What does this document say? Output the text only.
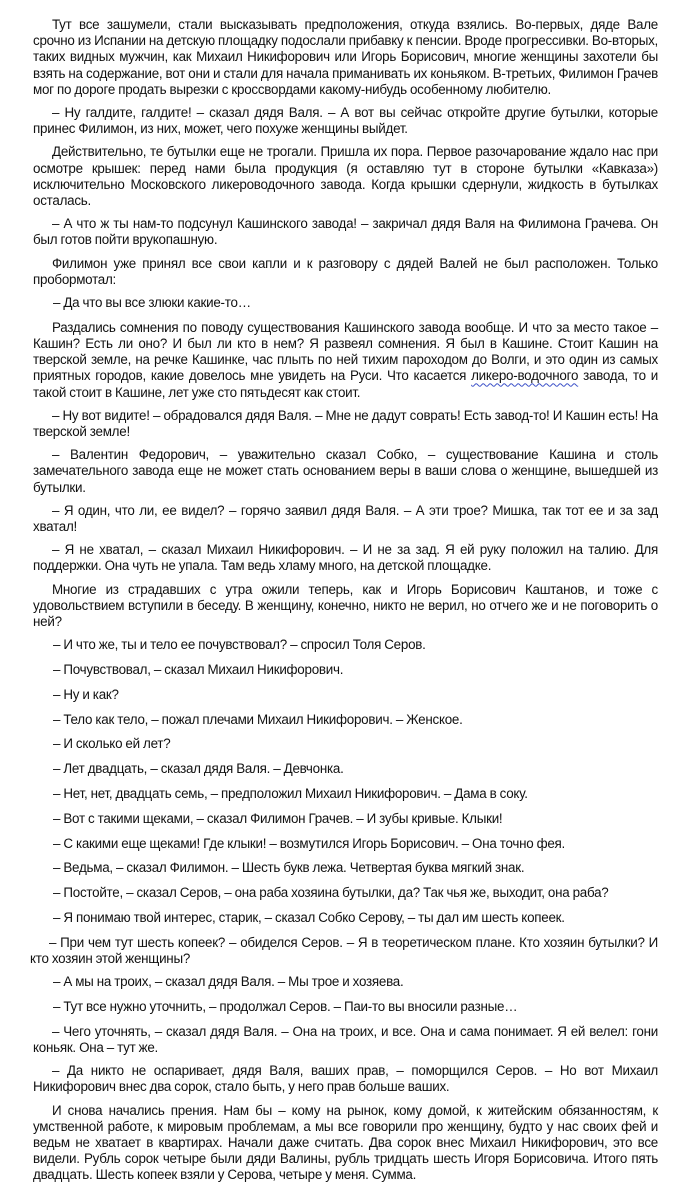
Тут все зашумели, стали высказывать предположения, откуда взялись. Во-первых, дяде Вале срочно из Испании на детскую площадку подослали прибавку к пенсии. Вроде прогрессивки. Во-вторых, таких видных мужчин, как Михаил Никифорович или Игорь Борисович, многие женщины захотели бы взять на содержание, вот они и стали для начала приманивать их коньяком. В-третьих, Филимон Грачев мог по дороге продать вырезки с кроссвордами какому-нибудь особенному любителю.

– Ну галдите, галдите! – сказал дядя Валя. – А вот вы сейчас откройте другие бутылки, которые принес Филимон, из них, может, чего похуже женщины выйдет.

Действительно, те бутылки еще не трогали. Пришла их пора. Первое разочарование ждало нас при осмотре крышек: перед нами была продукция (я оставляю тут в стороне бутылки «Кавказа») исключительно Московского ликероводочного завода. Когда крышки сдернули, жидкость в бутылках осталась.

– А что ж ты нам-то подсунул Кашинского завода! – закричал дядя Валя на Филимона Грачева. Он был готов пойти врукопашную.

Филимон уже принял все свои капли и к разговору с дядей Валей не был расположен. Только пробормотал:

– Да что вы все злюки какие-то…

Раздались сомнения по поводу существования Кашинского завода вообще. И что за место такое – Кашин? Есть ли оно? И был ли кто в нем? Я развеял сомнения. Я был в Кашине. Стоит Кашин на тверской земле, на речке Кашинке, час плыть по ней тихим пароходом до Волги, и это один из самых приятных городов, какие довелось мне увидеть на Руси. Что касается ликеро-водочного завода, то и такой стоит в Кашине, лет уже сто пятьдесят как стоит.

– Ну вот видите! – обрадовался дядя Валя. – Мне не дадут соврать! Есть завод-то! И Кашин есть! На тверской земле!

– Валентин Федорович, – уважительно сказал Собко, – существование Кашина и столь замечательного завода еще не может стать основанием веры в ваши слова о женщине, вышедшей из бутылки.

– Я один, что ли, ее видел? – горячо заявил дядя Валя. – А эти трое? Мишка, так тот ее и за зад хватал!

– Я не хватал, – сказал Михаил Никифорович. – И не за зад. Я ей руку положил на талию. Для поддержки. Она чуть не упала. Там ведь хламу много, на детской площадке.

Многие из страдавших с утра ожили теперь, как и Игорь Борисович Каштанов, и тоже с удовольствием вступили в беседу. В женщину, конечно, никто не верил, но отчего же и не поговорить о ней?

– И что же, ты и тело ее почувствовал? – спросил Толя Серов.

– Почувствовал, – сказал Михаил Никифорович.

– Ну и как?

– Тело как тело, – пожал плечами Михаил Никифорович. – Женское.

– И сколько ей лет?

– Лет двадцать, – сказал дядя Валя. – Девчонка.

– Нет, нет, двадцать семь, – предположил Михаил Никифорович. – Дама в соку.

– Вот с такими щеками, – сказал Филимон Грачев. – И зубы кривые. Клыки!

– С какими еще щеками! Где клыки! – возмутился Игорь Борисович. – Она точно фея.

– Ведьма, – сказал Филимон. – Шесть букв лежа. Четвертая буква мягкий знак.

– Постойте, – сказал Серов, – она раба хозяина бутылки, да? Так чья же, выходит, она раба?

– Я понимаю твой интерес, старик, – сказал Собко Серову, – ты дал им шесть копеек.

– При чем тут шесть копеек? – обиделся Серов. – Я в теоретическом плане. Кто хозяин бутылки? И кто хозяин этой женщины?

– А мы на троих, – сказал дядя Валя. – Мы трое и хозяева.

– Тут все нужно уточнить, – продолжал Серов. – Паи-то вы вносили разные…

– Чего уточнять, – сказал дядя Валя. – Она на троих, и все. Она и сама понимает. Я ей велел: гони коньяк. Она – тут же.

– Да никто не оспаривает, дядя Валя, ваших прав, – поморщился Серов. – Но вот Михаил Никифорович внес два сорок, стало быть, у него прав больше ваших.

И снова начались прения. Нам бы – кому на рынок, кому домой, к житейским обязанностям, к умственной работе, к мировым проблемам, а мы все говорили про женщину, будто у нас своих фей и ведьм не хватает в квартирах. Начали даже считать. Два сорок внес Михаил Никифорович, это все видели. Рубль сорок четыре были дяди Валины, рубль тридцать шесть Игоря Борисовича. Итого пять двадцать. Шесть копеек взяли у Серова, четыре у меня. Сумма.
